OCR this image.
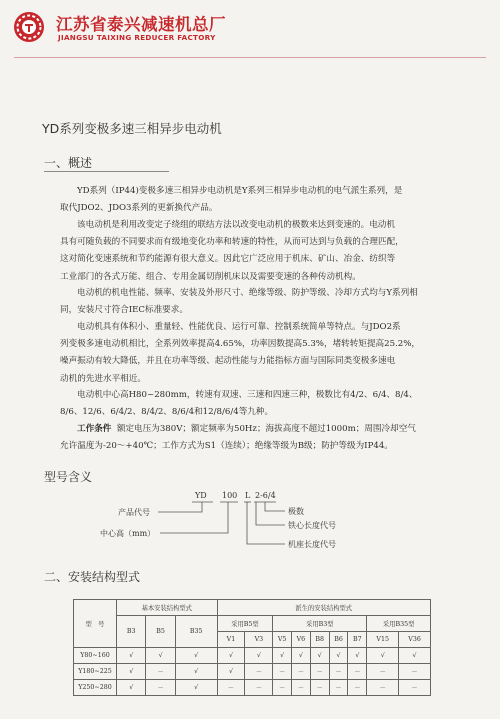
江苏省泰兴减速机总厂
JIANGSU TAIXING REDUCER FACTORY
YD系列变极多速三相异步电动机
一、概述
YD系列（IP44)变极多速三相异步电动机是Y系列三相异步电动机的电气派生系列，是
取代JDO2、JDO3系列的更新换代产品。
该电动机是利用改变定子绕组的联结方法以改变电动机的极数来达到变速的。电动机
具有可随负载的不同要求而有级地变化功率和转速的特性，从而可达到与负载的合理匹配，
这对简化变速系统和节约能源有很大意义。因此它广泛应用于机床、矿山、冶金、纺织等
工业部门的各式万能、组合、专用金属切削机床以及需要变速的各种传动机构。
电动机的机电性能、频率、安装及外形尺寸、绝缘等级、防护等级、冷却方式均与Y系列相
同，安装尺寸符合IEC标准要求。
电动机具有体积小、重量轻、性能优良、运行可靠、控制系统简单等特点。与JDO2系
列变极多速电动机相比，全系列效率提高4.65%，功率因数提高5.3%，堵转转矩提高25.2%，
噪声振动有较大降低，并且在功率等级、起动性能与力能指标方面与国际同类变极多速电
动机的先进水平相近。
电动机中心高H80~280mm，转速有双速、三速和四速三种，极数比有4/2、6/4、8/4、
8/6、12/6、6/4/2、8/4/2、8/6/4和12/8/6/4等九种。
工作条件 额定电压为380V；额定频率为50Hz；海拔高度不超过1000m；周围冷却空气
允许温度为-20～+40℃；工作方式为S1（连续）；绝缘等级为B级；防护等级为IP44。
型号含义
YD 100 L 2-6/4
产品代号
中心高（mm）
极数
铁心长度代号
机座长度代号
二、安装结构型式
型　号	基本安装结构型式			派生的安装结构型式								
	B3	B5	B35	采用B5型		采用B3型					采用B35型	
				V1	V3	V5	V6	B8	B6	B7	V15	V36
Y80~160	√	√	√	√	√	√	√	√	√	√	√	√
Y180~225	√	－	√	√	－	－	－	－	－	－	－	－
Y250~280	√	－	√	－	－	－	－	－	－	－	－	－
